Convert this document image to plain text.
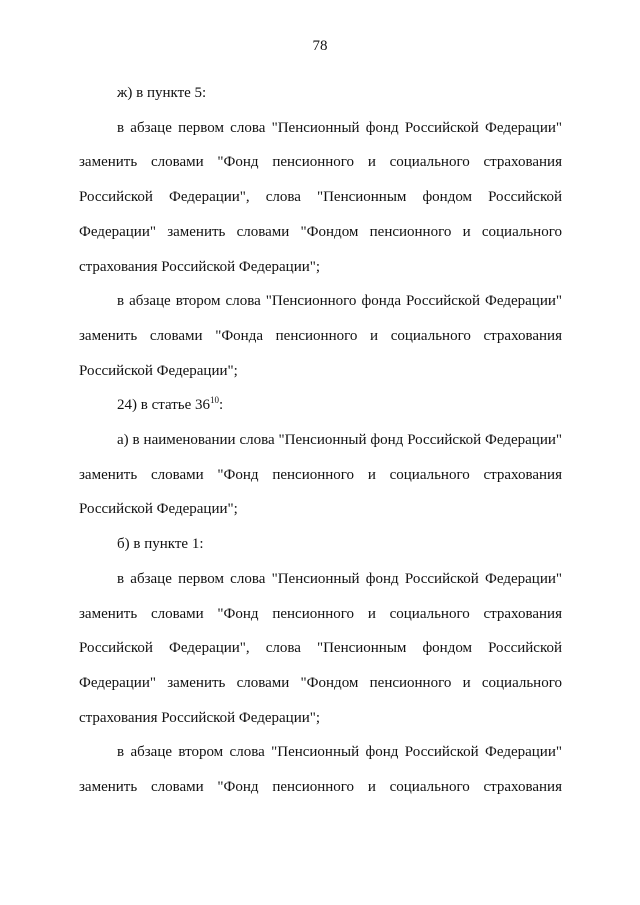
78

ж) в пункте 5:

в абзаце первом слова "Пенсионный фонд Российской Федерации" заменить словами "Фонд пенсионного и социального страхования Российской Федерации", слова "Пенсионным фондом Российской Федерации" заменить словами "Фондом пенсионного и социального страхования Российской Федерации";

в абзаце втором слова "Пенсионного фонда Российской Федерации" заменить словами "Фонда пенсионного и социального страхования Российской Федерации";

24) в статье $36^{10}$:

а) в наименовании слова "Пенсионный фонд Российской Федерации" заменить словами "Фонд пенсионного и социального страхования Российской Федерации";

б) в пункте 1:

в абзаце первом слова "Пенсионный фонд Российской Федерации" заменить словами "Фонд пенсионного и социального страхования Российской Федерации", слова "Пенсионным фондом Российской Федерации" заменить словами "Фондом пенсионного и социального страхования Российской Федерации";

в абзаце втором слова "Пенсионный фонд Российской Федерации" заменить словами "Фонд пенсионного и социального страхования
